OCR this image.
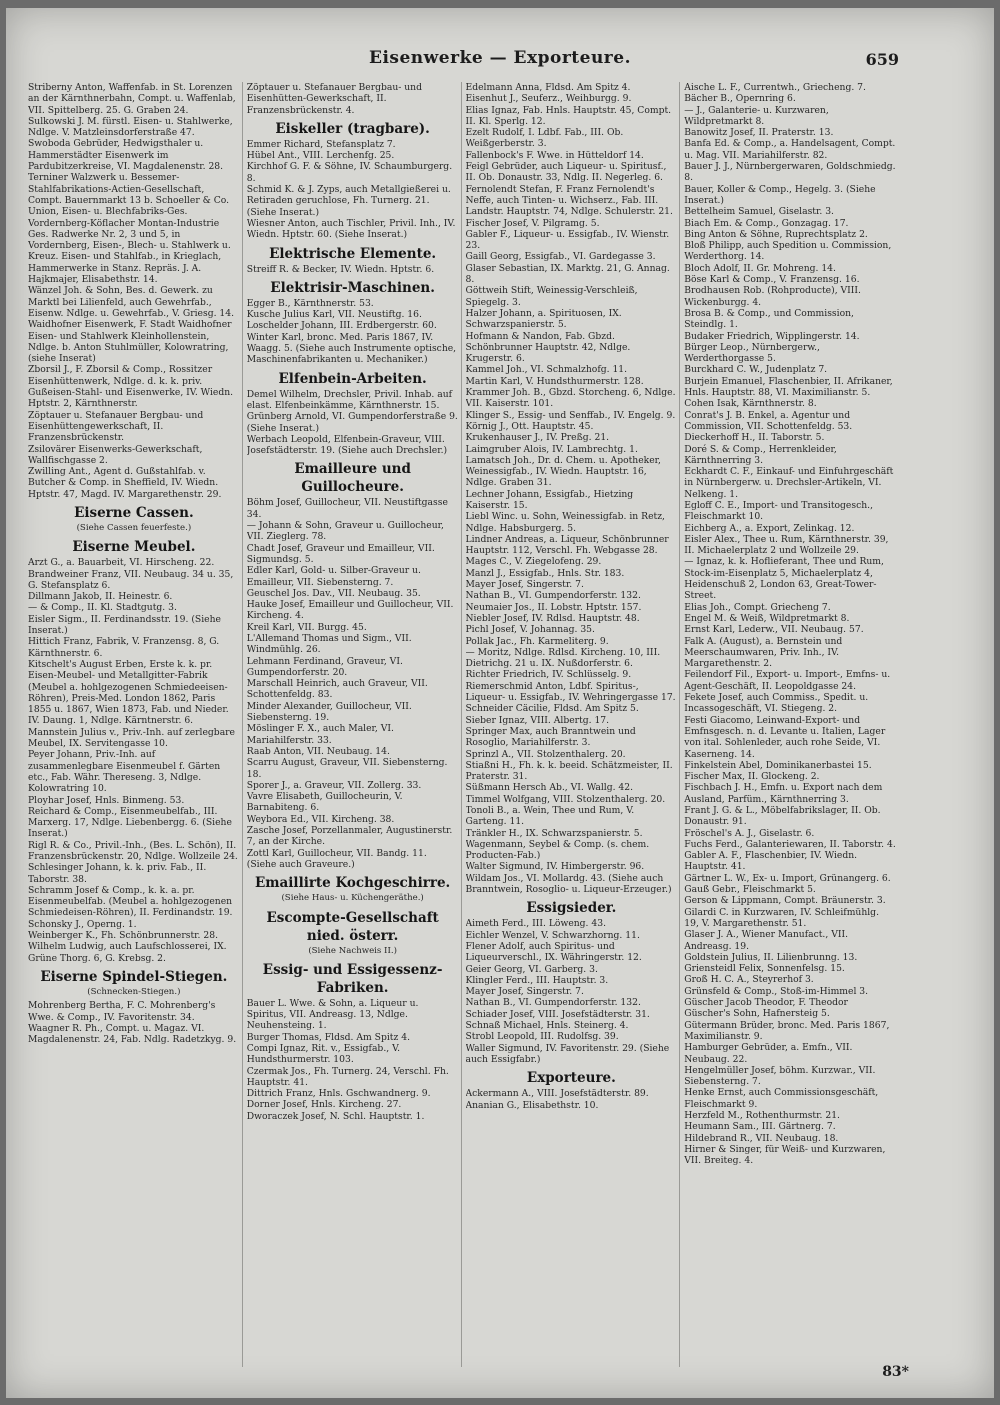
Eisenwerke — Exporteure.	659
Striberny Anton, Waffenfab. in St. Lorenzen an der Kärnthnerbahn, Compt. u. Waffenlab, VII. Spittelberg. 25. G. Graben 24.
Sulkowski J. M. fürstl. Eisen- u. Stahlwerke, Ndlge. V. Matzleinsdorferstraße 47.
Swoboda Gebrüder, Hedwigsthaler u. Hammerstädter Eisenwerk im Pardubitzerkreise, VI. Magdalenenstr. 28.
Terniner Walzwerk u. Bessemer-Stahlfabrikations-Actien-Gesellschaft, Compt. Bauernmarkt 13 b. Schoeller & Co.
Union, Eisen- u. Blechfabriks-Ges.
Vordernberg-Köflacher Montan-Industrie Ges. Radwerke Nr. 2, 3 und 5, in Vordernberg, Eisen-, Blech- u. Stahlwerk u. Kreuz. Eisen- und Stahlfab., in Krieglach, Hammerwerke in Stanz. Repräs. J. A. Hajkmajer, Elisabethstr. 14.
Wänzel Joh. & Sohn, Bes. d. Gewerk. zu Marktl bei Lilienfeld, auch Gewehrfab., Eisenw. Ndlge. u. Gewehrfab., V. Griesg. 14.
Waidhofner Eisenwerk, F. Stadt Waidhofner Eisen- und Stahlwerk Kleinhollenstein, Ndlge. b. Anton Stuhlmüller, Kolowratring, (siehe Inserat)
Zborsil J., F. Zborsil & Comp., Rossitzer Eisenhüttenwerk, Ndlge. d. k. k. priv. Gußeisen-Stahl- und Eisenwerke, IV. Wiedn. Hptstr. 2, Kärnthnerstr.
Zöptauer u. Stefanauer Bergbau- und Eisenhüttengewerkschaft, II. Franzensbrückenstr.
Zsilovärer Eisenwerks-Gewerkschaft, Wallfischgasse 2.
Zwilling Ant., Agent d. Gußstahlfab. v. Butcher & Comp. in Sheffield, IV. Wiedn. Hptstr. 47, Magd. IV. Margarethenstr. 29.
Eiserne Cassen.
(Siehe Cassen feuerfeste.)
Eiserne Meubel.
Arzt G., a. Bauarbeit, VI. Hirscheng. 22.
Brandweiner Franz, VII. Neubaug. 34 u. 35, G. Stefansplatz 6.
Dillmann Jakob, II. Heinestr. 6.
— & Comp., II. Kl. Stadtgutg. 3.
Eisler Sigm., II. Ferdinandsstr. 19. (Siehe Inserat.)
Hittich Franz, Fabrik, V. Franzensg. 8, G. Kärnthnerstr. 6.
Kitschelt's August Erben, Erste k. k. pr. Eisen-Meubel- und Metallgitter-Fabrik (Meubel a. hohlgezogenen Schmiedeeisen-Röhren), Preis-Med. London 1862, Paris 1855 u. 1867, Wien 1873, Fab. und Nieder. IV. Daung. 1, Ndlge. Kärntnerstr. 6.
Mannstein Julius v., Priv.-Inh. auf zerlegbare Meubel, IX. Servitengasse 10.
Peyer Johann, Priv.-Inh. auf zusammenlegbare Eisenmeubel f. Gärten etc., Fab. Währ. Thereseng. 3, Ndlge. Kolowratring 10.
Ployhar Josef, Hnls. Binmeng. 53.
Reichard & Comp., Eisenmeubelfab., III. Marxerg. 17, Ndlge. Liebenbergg. 6. (Siehe Inserat.)
Rigl R. & Co., Privil.-Inh., (Bes. L. Schön), II. Franzensbrückenstr. 20, Ndlge. Wollzeile 24.
Schlesinger Johann, k. k. priv. Fab., II. Taborstr. 38.
Schramm Josef & Comp., k. k. a. pr. Eisenmeubelfab. (Meubel a. hohlgezogenen Schmiedeisen-Röhren), II. Ferdinandstr. 19.
Schonsky J., Operng. 1.
Weinberger K., Fh. Schönbrunnerstr. 28.
Wilhelm Ludwig, auch Laufschlosserei, IX. Grüne Thorg. 6, G. Krebsg. 2.
Eiserne Spindel-Stiegen.
(Schnecken-Stiegen.)
Mohrenberg Bertha, F. C. Mohrenberg's Wwe. & Comp., IV. Favoritenstr. 34.
Waagner R. Ph., Compt. u. Magaz. VI. Magdalenenstr. 24, Fab. Ndlg. Radetzkyg. 9.
Zöptauer u. Stefanauer Bergbau- und Eisenhütten-Gewerkschaft, II. Franzensbrückenstr. 4.
Eiskeller (tragbare).
Emmer Richard, Stefansplatz 7.
Hübel Ant., VIII. Lerchenfg. 25.
Kirchhof G. F. & Söhne, IV. Schaumburgerg. 8.
Schmid K. & J. Zyps, auch Metallgießerei u. Retiraden geruchlose, Fh. Turnerg. 21. (Siehe Inserat.)
Wiesner Anton, auch Tischler, Privil. Inh., IV. Wiedn. Hptstr. 60. (Siehe Inserat.)
Elektrische Elemente.
Streiff R. & Becker, IV. Wiedn. Hptstr. 6.
Elektrisir-Maschinen.
Egger B., Kärnthnerstr. 53.
Kusche Julius Karl, VII. Neustiftg. 16.
Loschelder Johann, III. Erdbergerstr. 60.
Winter Karl, bronc. Med. Paris 1867, IV. Waagg. 5. (Siehe auch Instrumente optische, Maschinenfabrikanten u. Mechaniker.)
Elfenbein-Arbeiten.
Demel Wilhelm, Drechsler, Privil. Inhab. auf elast. Elfenbeinkämme, Kärnthnerstr. 15.
Grünberg Arnold, VI. Gumpendorferstraße 9. (Siehe Inserat.)
Werbach Leopold, Elfenbein-Graveur, VIII. Josefstädterstr. 19. (Siehe auch Drechsler.)
Emailleure und Guillocheure.
Böhm Josef, Guillocheur, VII. Neustiftgasse 34.
— Johann & Sohn, Graveur u. Guillocheur, VII. Zieglerg. 78.
Chadt Josef, Graveur und Emailleur, VII. Sigmundsg. 5.
Edler Karl, Gold- u. Silber-Graveur u. Emailleur, VII. Siebensterng. 7.
Geuschel Jos. Dav., VII. Neubaug. 35.
Hauke Josef, Emailleur und Guillocheur, VII. Kircheng. 4.
Kreil Karl, VII. Burgg. 45.
L'Allemand Thomas und Sigm., VII. Windmühlg. 26.
Lehmann Ferdinand, Graveur, VI. Gumpendorferstr. 20.
Marschall Heinrich, auch Graveur, VII. Schottenfeldg. 83.
Minder Alexander, Guillocheur, VII. Siebensterng. 19.
Möslinger F. X., auch Maler, VI. Mariahilferstr. 33.
Raab Anton, VII. Neubaug. 14.
Scarru August, Graveur, VII. Siebensterng. 18.
Sporer J., a. Graveur, VII. Zollerg. 33.
Vavre Elisabeth, Guillocheurin, V. Barnabiteng. 6.
Weybora Ed., VII. Kircheng. 38.
Zasche Josef, Porzellanmaler, Augustinerstr. 7, an der Kirche.
Zottl Karl, Guillocheur, VII. Bandg. 11. (Siehe auch Graveure.)
Emaillirte Kochgeschirre.
(Siehe Haus- u. Küchengeräthe.)
Escompte-Gesellschaft nied. österr.
(Siehe Nachweis II.)
Essig- und Essigessenz-Fabriken.
Bauer L. Wwe. & Sohn, a. Liqueur u. Spiritus, VII. Andreasg. 13, Ndlge. Neuhensteing. 1.
Burger Thomas, Fldsd. Am Spitz 4.
Compi Ignaz, Rit. v., Essigfab., V. Hundsthurmerstr. 103.
Czermak Jos., Fh. Turnerg. 24, Verschl. Fh. Hauptstr. 41.
Dittrich Franz, Hnls. Gschwandnerg. 9.
Dorner Josef, Hnls. Kircheng. 27.
Dworaczek Josef, N. Schl. Hauptstr. 1.
Edelmann Anna, Fldsd. Am Spitz 4.
Eisenhut J., Seuferz., Weihburgg. 9.
Elias Ignaz, Fab. Hnls. Hauptstr. 45, Compt. II. Kl. Sperlg. 12.
Ezelt Rudolf, I. Ldbf. Fab., III. Ob. Weißgerberstr. 3.
Fallenbock's F. Wwe. in Hütteldorf 14.
Feigl Gebrüder, auch Liqueur- u. Spiritusf., II. Ob. Donaustr. 33, Ndlg. II. Negerleg. 6.
Fernolendt Stefan, F. Franz Fernolendt's Neffe, auch Tinten- u. Wichserz., Fab. III. Landstr. Hauptstr. 74, Ndlge. Schulerstr. 21.
Fischer Josef, V. Pilgramg. 5.
Gabler F., Liqueur- u. Essigfab., IV. Wienstr. 23.
Gaill Georg, Essigfab., VI. Gardegasse 3.
Glaser Sebastian, IX. Marktg. 21, G. Annag. 8.
Göttweih Stift, Weinessig-Verschleiß, Spiegelg. 3.
Halzer Johann, a. Spirituosen, IX. Schwarzspanierstr. 5.
Hofmann & Nandon, Fab. Gbzd. Schönbrunner Hauptstr. 42, Ndlge. Krugerstr. 6.
Kammel Joh., VI. Schmalzhofg. 11.
Martin Karl, V. Hundsthurmerstr. 128.
Krammer Joh. B., Gbzd. Storcheng. 6, Ndlge. VII. Kaiserstr. 101.
Klinger S., Essig- und Senffab., IV. Engelg. 9.
Körnig J., Ott. Hauptstr. 45.
Krukenhauser J., IV. Preßg. 21.
Laimgruber Alois, IV. Lambrechtg. 1.
Lamatsch Joh., Dr. d. Chem. u. Apotheker, Weinessigfab., IV. Wiedn. Hauptstr. 16, Ndlge. Graben 31.
Lechner Johann, Essigfab., Hietzing Kaiserstr. 15.
Liebl Winc. u. Sohn, Weinessigfab. in Retz, Ndlge. Habsburgerg. 5.
Lindner Andreas, a. Liqueur, Schönbrunner Hauptstr. 112, Verschl. Fh. Webgasse 28.
Mages C., V. Ziegelofeng. 29.
Manzl J., Essigfab., Hnls. Str. 183.
Mayer Josef, Singerstr. 7.
Nathan B., VI. Gumpendorferstr. 132.
Neumaier Jos., II. Lobstr. Hptstr. 157.
Niebler Josef, IV. Rdlsd. Hauptstr. 48.
Pichl Josef, V. Johannag. 35.
Pollak Jac., Fh. Karmeliterg. 9.
— Moritz, Ndlge. Rdlsd. Kircheng. 10, III. Dietrichg. 21 u. IX. Nußdorferstr. 6.
Richter Friedrich, IV. Schlüsselg. 9.
Riemerschmid Anton, Ldbf. Spiritus-, Liqueur- u. Essigfab., IV. Wehringergasse 17.
Schneider Cäcilie, Fldsd. Am Spitz 5.
Sieber Ignaz, VIII. Albertg. 17.
Springer Max, auch Branntwein und Rosoglio, Mariahilferstr. 3.
Sprinzl A., VII. Stolzenthalerg. 20.
Stiaßni H., Fh. k. k. beeid. Schätzmeister, II. Praterstr. 31.
Süßmann Hersch Ab., VI. Wallg. 42.
Timmel Wolfgang, VIII. Stolzenthalerg. 20.
Tonoli B., a. Wein, Thee und Rum, V. Garteng. 11.
Tränkler H., IX. Schwarzspanierstr. 5.
Wagenmann, Seybel & Comp. (s. chem. Producten-Fab.)
Walter Sigmund, IV. Himbergerstr. 96.
Wildam Jos., VI. Mollardg. 43. (Siehe auch Branntwein, Rosoglio- u. Liqueur-Erzeuger.)
Essigsieder.
Aimeth Ferd., III. Löweng. 43.
Eichler Wenzel, V. Schwarzhorng. 11.
Flener Adolf, auch Spiritus- und Liqueurverschl., IX. Währingerstr. 12.
Geier Georg, VI. Garberg. 3.
Klingler Ferd., III. Hauptstr. 3.
Mayer Josef, Singerstr. 7.
Nathan B., VI. Gumpendorferstr. 132.
Schiader Josef, VIII. Josefstädterstr. 31.
Schnaß Michael, Hnls. Steinerg. 4.
Strobl Leopold, III. Rudolfsg. 39.
Waller Sigmund, IV. Favoritenstr. 29. (Siehe auch Essigfabr.)
Exporteure.
Ackermann A., VIII. Josefstädterstr. 89.
Ananian G., Elisabethstr. 10.
Aische L. F., Currentwh., Griecheng. 7.
Bächer B., Opernring 6.
— J., Galanterie- u. Kurzwaren, Wildpretmarkt 8.
Banowitz Josef, II. Praterstr. 13.
Banfa Ed. & Comp., a. Handelsagent, Compt. u. Mag. VII. Mariahilferstr. 82.
Bauer J. J., Nürnbergerwaren, Goldschmiedg. 8.
Bauer, Koller & Comp., Hegelg. 3. (Siehe Inserat.)
Bettelheim Samuel, Giselastr. 3.
Biach Em. & Comp., Gonzagag. 17.
Bing Anton & Söhne, Ruprechtsplatz 2.
Bloß Philipp, auch Spedition u. Commission, Werderthorg. 14.
Bloch Adolf, II. Gr. Mohreng. 14.
Böse Karl & Comp., V. Franzensg. 16.
Brodhausen Rob. (Rohproducte), VIII. Wickenburgg. 4.
Brosa B. & Comp., und Commission, Steindlg. 1.
Budaker Friedrich, Wipplingerstr. 14.
Bürger Leop., Nürnbergerw., Werderthorgasse 5.
Burckhard C. W., Judenplatz 7.
Burjein Emanuel, Flaschenbier, II. Afrikaner, Hnls. Hauptstr. 88, VI. Maximilianstr. 5.
Cohen Isak, Kärnthnerstr. 8.
Conrat's J. B. Enkel, a. Agentur und Commission, VII. Schottenfeldg. 53.
Dieckerhoff H., II. Taborstr. 5.
Doré S. & Comp., Herrenkleider, Kärnthnerring 3.
Eckhardt C. F., Einkauf- und Einfuhrgeschäft in Nürnbergerw. u. Drechsler-Artikeln, VI. Nelkeng. 1.
Egloff C. E., Import- und Transitogesch., Fleischmarkt 10.
Eichberg A., a. Export, Zelinkag. 12.
Eisler Alex., Thee u. Rum, Kärnthnerstr. 39, II. Michaelerplatz 2 und Wollzeile 29.
— Ignaz, k. k. Hoflieferant, Thee und Rum, Stock-im-Eisenplatz 5, Michaelerplatz 4, Heidenschuß 2, London 63, Great-Tower-Street.
Elias Joh., Compt. Griecheng 7.
Engel M. & Weiß, Wildpretmarkt 8.
Ernst Karl, Lederw., VII. Neubaug. 57.
Falk A. (August), a. Bernstein und Meerschaumwaren, Priv. Inh., IV. Margarethenstr. 2.
Feilendorf Fil., Export- u. Import-, Emfns- u. Agent-Geschäft, II. Leopoldgasse 24.
Fekete Josef, auch Commiss., Spedit. u. Incassogeschäft, VI. Stiegeng. 2.
Festi Giacomo, Leinwand-Export- und Emfnsgesch. n. d. Levante u. Italien, Lager von ital. Sohlenleder, auch rohe Seide, VI. Kaserneng. 14.
Finkelstein Abel, Dominikanerbastei 15.
Fischer Max, II. Glockeng. 2.
Fischbach J. H., Emfn. u. Export nach dem Ausland, Parfüm., Kärnthnerring 3.
Frant J. G. & L., Möbelfabrikslager, II. Ob. Donaustr. 91.
Fröschel's A. J., Giselastr. 6.
Fuchs Ferd., Galanteriewaren, II. Taborstr. 4.
Gabler A. F., Flaschenbier, IV. Wiedn. Hauptstr. 41.
Gärtner L. W., Ex- u. Import, Grünangerg. 6.
Gauß Gebr., Fleischmarkt 5.
Gerson & Lippmann, Compt. Bräunerstr. 3.
Gilardi C. in Kurzwaren, IV. Schleifmühlg. 19, V. Margarethenstr. 51.
Glaser J. A., Wiener Manufact., VII. Andreasg. 19.
Goldstein Julius, II. Lilienbrunng. 13.
Griensteidl Felix, Sonnenfelsg. 15.
Groß H. C. A., Steyrerhof 3.
Grünsfeld & Comp., Stoß-im-Himmel 3.
Güscher Jacob Theodor, F. Theodor Güscher's Sohn, Hafnersteig 5.
Gütermann Brüder, bronc. Med. Paris 1867, Maximilianstr. 9.
Hamburger Gebrüder, a. Emfn., VII. Neubaug. 22.
Hengelmüller Josef, böhm. Kurzwar., VII. Siebensterng. 7.
Henke Ernst, auch Commissionsgeschäft, Fleischmarkt 9.
Herzfeld M., Rothenthurmstr. 21.
Heumann Sam., III. Gärtnerg. 7.
Hildebrand R., VII. Neubaug. 18.
Hirner & Singer, für Weiß- und Kurzwaren, VII. Breiteg. 4.
83*
